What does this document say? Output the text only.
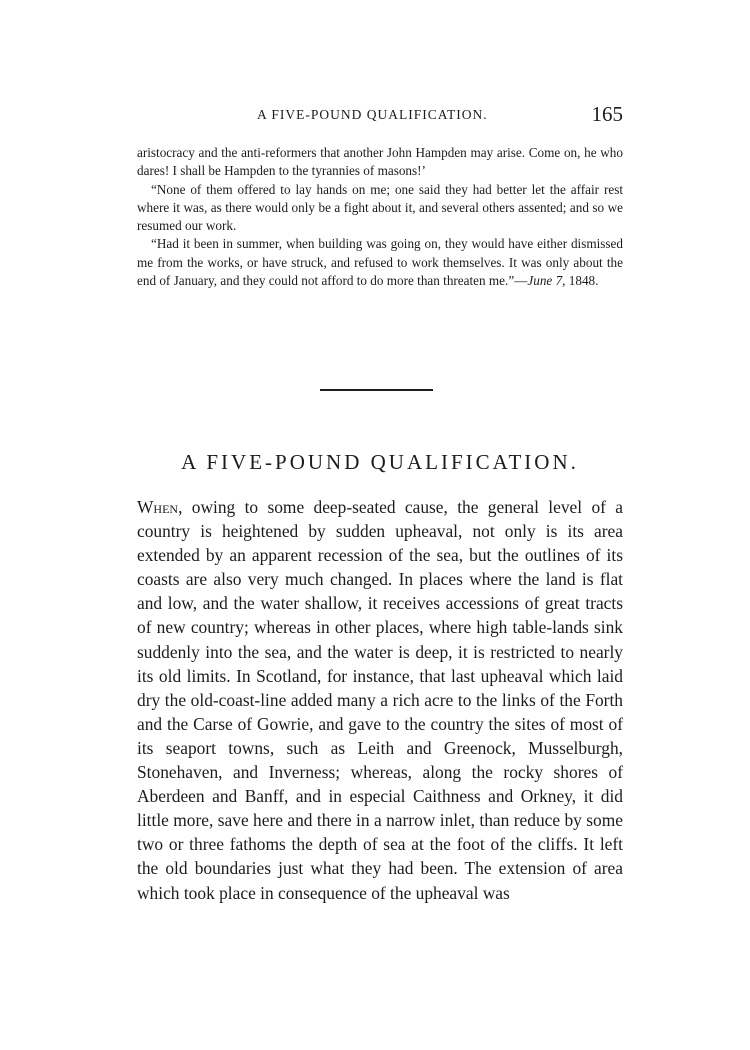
A FIVE-POUND QUALIFICATION.	165

aristocracy and the anti-reformers that another John Hampden may arise. Come on, he who dares! I shall be Hampden to the tyrannies of masons!’

“None of them offered to lay hands on me; one said they had better let the affair rest where it was, as there would only be a fight about it, and several others assented; and so we resumed our work.

“Had it been in summer, when building was going on, they would have either dismissed me from the works, or have struck, and refused to work themselves. It was only about the end of January, and they could not afford to do more than threaten me.”—June 7, 1848.

A FIVE-POUND QUALIFICATION.

When, owing to some deep-seated cause, the general level of a country is heightened by sudden upheaval, not only is its area extended by an apparent recession of the sea, but the outlines of its coasts are also very much changed. In places where the land is flat and low, and the water shallow, it receives accessions of great tracts of new country; whereas in other places, where high table-lands sink suddenly into the sea, and the water is deep, it is restricted to nearly its old limits. In Scotland, for instance, that last upheaval which laid dry the old-coast-line added many a rich acre to the links of the Forth and the Carse of Gowrie, and gave to the country the sites of most of its seaport towns, such as Leith and Greenock, Musselburgh, Stonehaven, and Inverness; whereas, along the rocky shores of Aberdeen and Banff, and in especial Caithness and Orkney, it did little more, save here and there in a narrow inlet, than reduce by some two or three fathoms the depth of sea at the foot of the cliffs. It left the old boundaries just what they had been. The extension of area which took place in consequence of the upheaval was
